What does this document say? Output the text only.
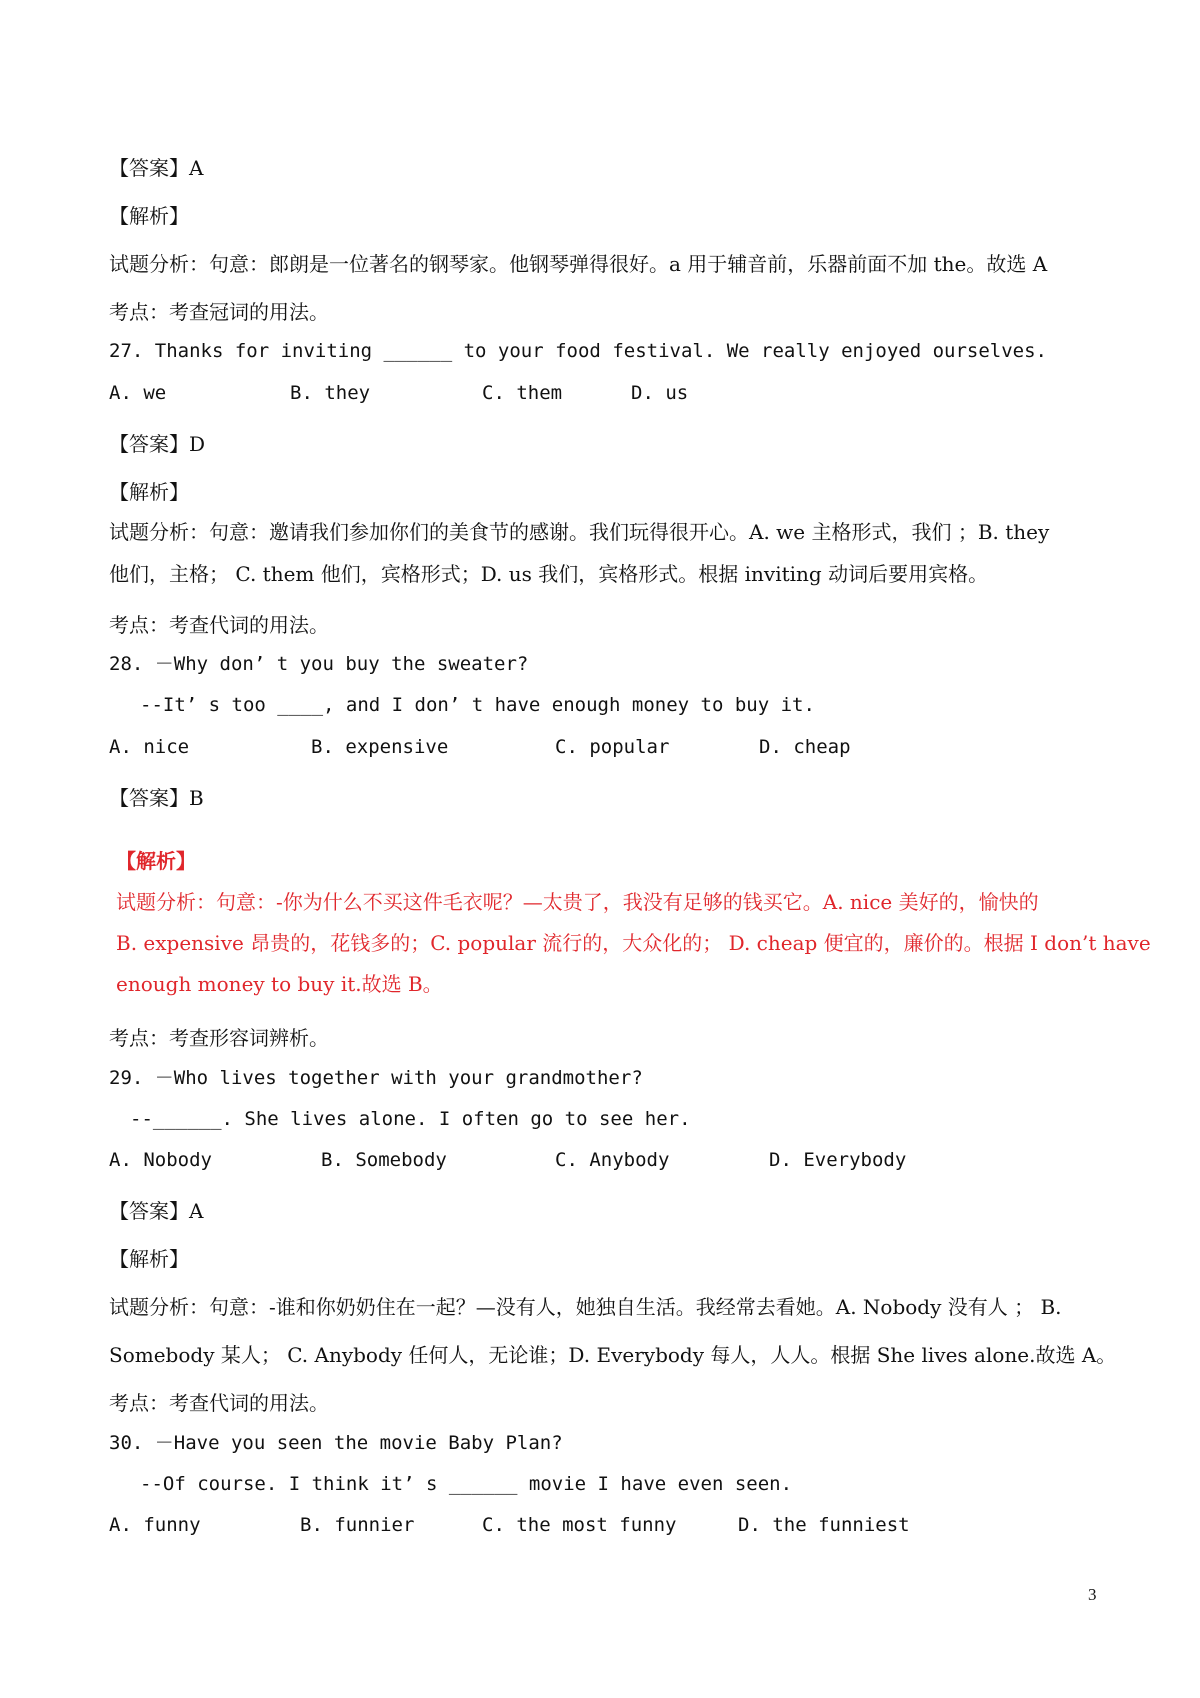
【答案】A
【解析】
试题分析：句意：郎朗是一位著名的钢琴家。他钢琴弹得很好。a 用于辅音前，乐器前面不加 the。故选 A
考点：考查冠词的用法。
27. Thanks for inviting ______ to your food festival. We really enjoyed ourselves.
A. we	B. they	C. them	D. us
【答案】D
【解析】
试题分析：句意：邀请我们参加你们的美食节的感谢。我们玩得很开心。A. we 主格形式，我们 ；B. they
他们，主格； C. them 他们，宾格形式；D. us 我们，宾格形式。根据 inviting 动词后要用宾格。
考点：考查代词的用法。
28. －Why don’ t you buy the sweater?
--It’ s too ____, and I don’ t have enough money to buy it.
A. nice	B. expensive	C. popular	D. cheap
【答案】B
【解析】
试题分析：句意：-你为什么不买这件毛衣呢？—太贵了，我没有足够的钱买它。A. nice 美好的，愉快的
B. expensive 昂贵的，花钱多的；C. popular 流行的，大众化的； D. cheap 便宜的，廉价的。根据 I don’t have
enough money to buy it.故选 B。
考点：考查形容词辨析。
29. －Who lives together with your grandmother?
--______. She lives alone. I often go to see her.
A. Nobody	B. Somebody	C. Anybody	D. Everybody
【答案】A
【解析】
试题分析：句意：-谁和你奶奶住在一起？—没有人，她独自生活。我经常去看她。A. Nobody 没有人 ； B.
Somebody 某人； C. Anybody 任何人，无论谁；D. Everybody 每人，人人。根据 She lives alone.故选 A。
考点：考查代词的用法。
30. －Have you seen the movie Baby Plan?
--Of course. I think it’ s ______ movie I have even seen.
A. funny	B. funnier	C. the most funny	D. the funniest
3
